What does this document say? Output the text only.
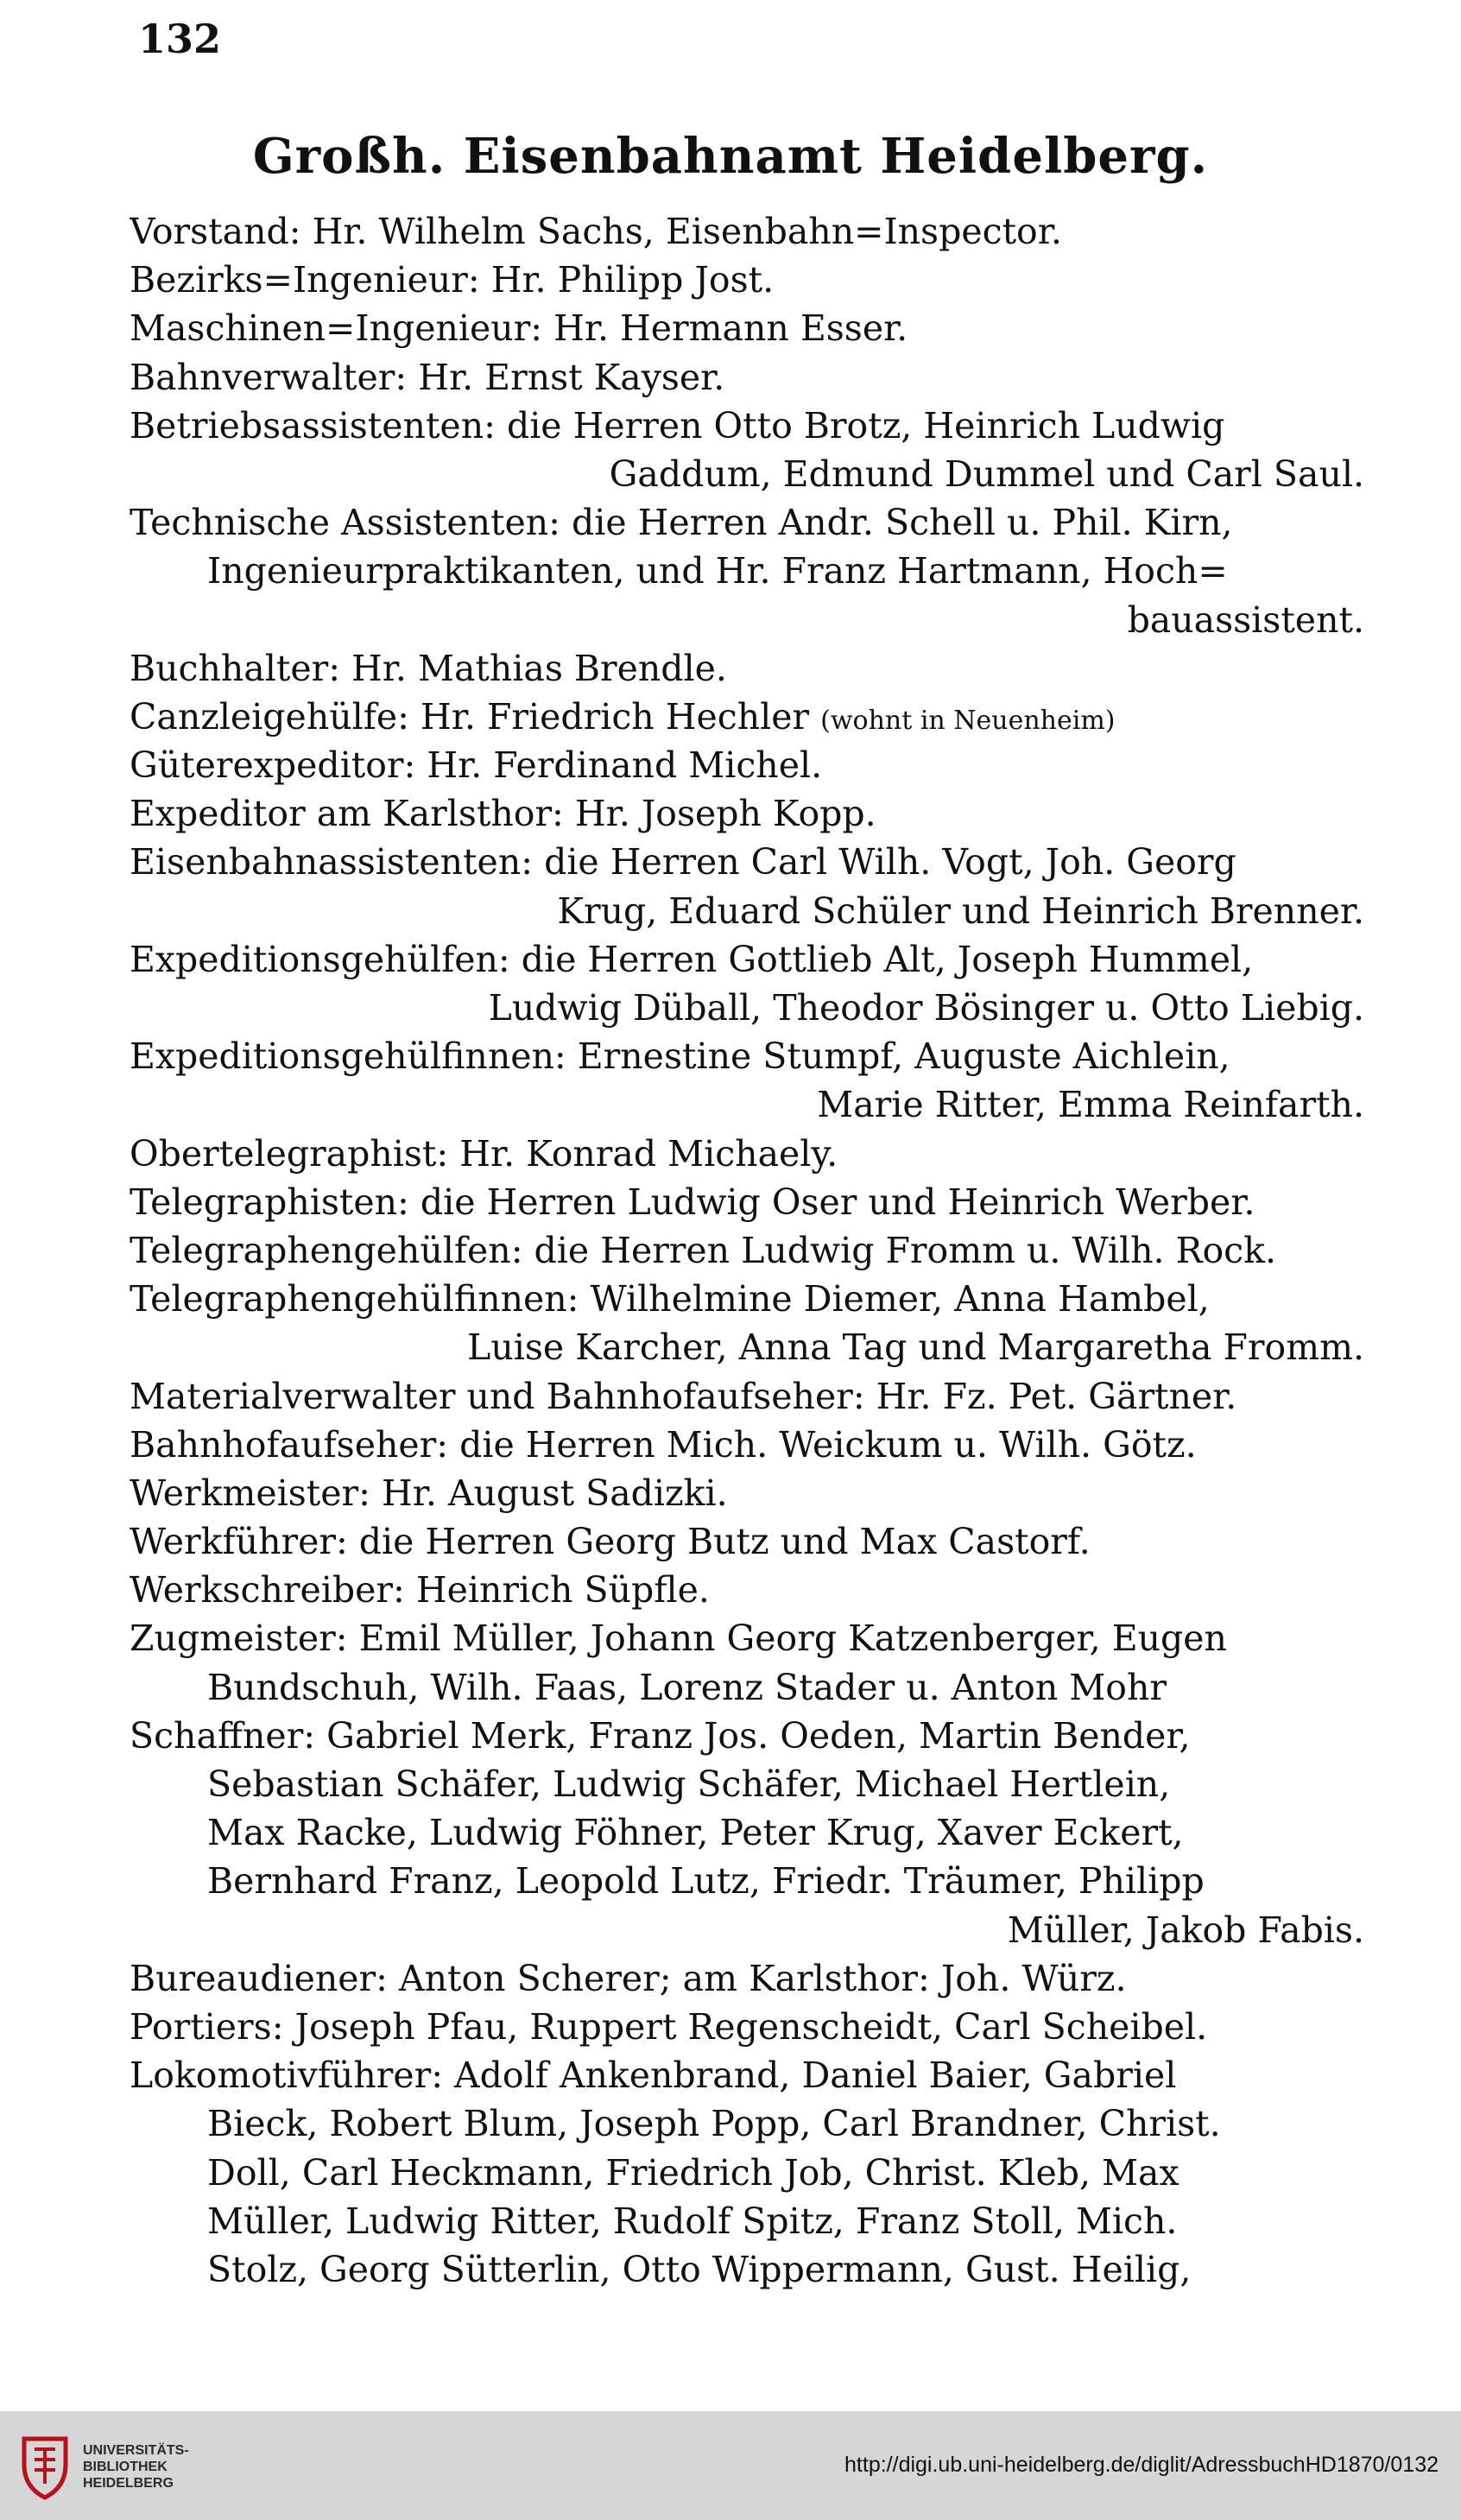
132
Großh. Eisenbahnamt Heidelberg.
Vorstand: Hr. Wilhelm Sachs, Eisenbahn=Inspector.
Bezirks=Ingenieur: Hr. Philipp Jost.
Maschinen=Ingenieur: Hr. Hermann Esser.
Bahnverwalter: Hr. Ernst Kayser.
Betriebsassistenten: die Herren Otto Brotz, Heinrich Ludwig
Gaddum, Edmund Dummel und Carl Saul.
Technische Assistenten: die Herren Andr. Schell u. Phil. Kirn,
Ingenieurpraktikanten, und Hr. Franz Hartmann, Hoch=
bauassistent.
Buchhalter: Hr. Mathias Brendle.
Canzleigehülfe: Hr. Friedrich Hechler (wohnt in Neuenheim)
Güterexpeditor: Hr. Ferdinand Michel.
Expeditor am Karlsthor: Hr. Joseph Kopp.
Eisenbahnassistenten: die Herren Carl Wilh. Vogt, Joh. Georg
Krug, Eduard Schüler und Heinrich Brenner.
Expeditionsgehülfen: die Herren Gottlieb Alt, Joseph Hummel,
Ludwig Düball, Theodor Bösinger u. Otto Liebig.
Expeditionsgehülfinnen: Ernestine Stumpf, Auguste Aichlein,
Marie Ritter, Emma Reinfarth.
Obertelegraphist: Hr. Konrad Michaely.
Telegraphisten: die Herren Ludwig Oser und Heinrich Werber.
Telegraphengehülfen: die Herren Ludwig Fromm u. Wilh. Rock.
Telegraphengehülfinnen: Wilhelmine Diemer, Anna Hambel,
Luise Karcher, Anna Tag und Margaretha Fromm.
Materialverwalter und Bahnhofaufseher: Hr. Fz. Pet. Gärtner.
Bahnhofaufseher: die Herren Mich. Weickum u. Wilh. Götz.
Werkmeister: Hr. August Sadizki.
Werkführer: die Herren Georg Butz und Max Castorf.
Werkschreiber: Heinrich Süpfle.
Zugmeister: Emil Müller, Johann Georg Katzenberger, Eugen
Bundschuh, Wilh. Faas, Lorenz Stader u. Anton Mohr
Schaffner: Gabriel Merk, Franz Jos. Oeden, Martin Bender,
Sebastian Schäfer, Ludwig Schäfer, Michael Hertlein,
Max Racke, Ludwig Föhner, Peter Krug, Xaver Eckert,
Bernhard Franz, Leopold Lutz, Friedr. Träumer, Philipp
Müller, Jakob Fabis.
Bureaudiener: Anton Scherer; am Karlsthor: Joh. Würz.
Portiers: Joseph Pfau, Ruppert Regenscheidt, Carl Scheibel.
Lokomotivführer: Adolf Ankenbrand, Daniel Baier, Gabriel
Bieck, Robert Blum, Joseph Popp, Carl Brandner, Christ.
Doll, Carl Heckmann, Friedrich Job, Christ. Kleb, Max
Müller, Ludwig Ritter, Rudolf Spitz, Franz Stoll, Mich.
Stolz, Georg Sütterlin, Otto Wippermann, Gust. Heilig,
UNIVERSITÄTS-
BIBLIOTHEK
HEIDELBERG
http://digi.ub.uni-heidelberg.de/diglit/AdressbuchHD1870/0132
